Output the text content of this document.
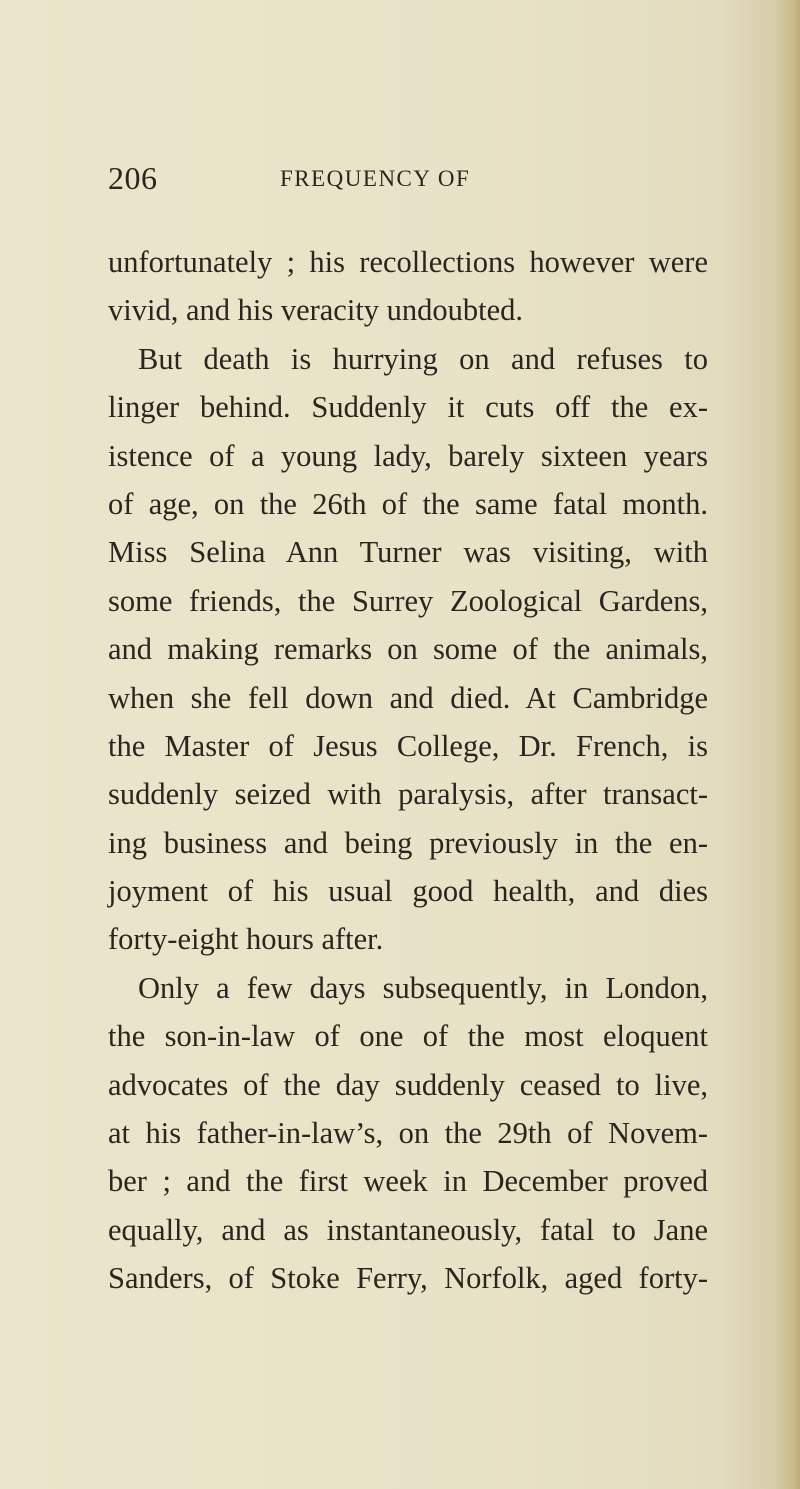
206	FREQUENCY OF
unfortunately ; his recollections however were
vivid, and his veracity undoubted.
But death is hurrying on and refuses to
linger behind. Suddenly it cuts off the ex-
istence of a young lady, barely sixteen years
of age, on the 26th of the same fatal month.
Miss Selina Ann Turner was visiting, with
some friends, the Surrey Zoological Gardens,
and making remarks on some of the animals,
when she fell down and died. At Cambridge
the Master of Jesus College, Dr. French, is
suddenly seized with paralysis, after transact-
ing business and being previously in the en-
joyment of his usual good health, and dies
forty-eight hours after.
Only a few days subsequently, in London,
the son-in-law of one of the most eloquent
advocates of the day suddenly ceased to live,
at his father-in-law’s, on the 29th of Novem-
ber ; and the first week in December proved
equally, and as instantaneously, fatal to Jane
Sanders, of Stoke Ferry, Norfolk, aged forty-
